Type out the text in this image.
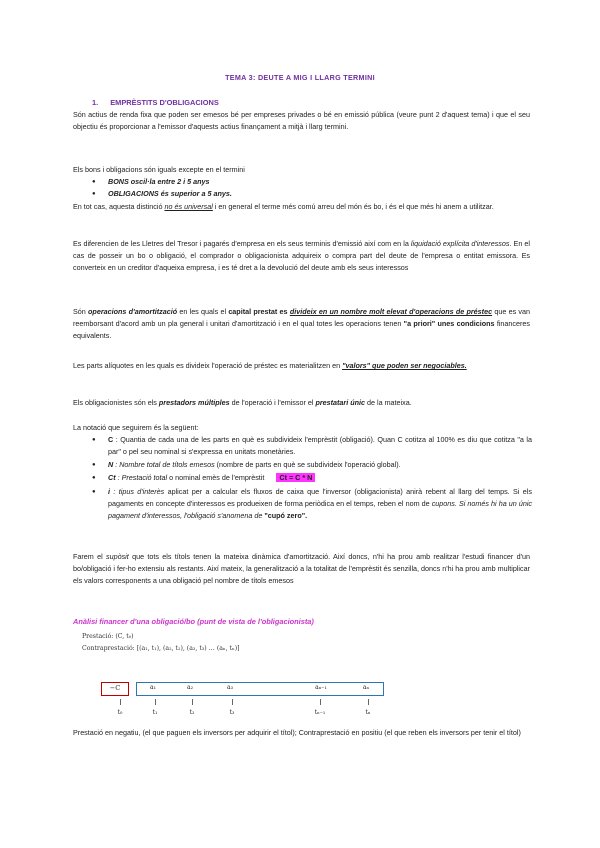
TEMA 3: DEUTE A MIG I LLARG TERMINI
1. EMPRÈSTITS D'OBLIGACIONS
Són actius de renda fixa que poden ser emesos bé per empreses privades o bé en emissió pública (veure punt 2 d'aquest tema) i que el seu objectiu és proporcionar a l'emissor d'aquests actius finançament a mitjà i llarg termini.
Els bons i obligacions són iguals excepte en el termini
●	BONS oscil·la entre 2 i 5 anys
●	OBLIGACIONS és superior a 5 anys.
En tot cas, aquesta distinció no és universal i en general el terme més comú arreu del món és bo, i és el que més hi anem a utilitzar.
Es diferencien de les Lletres del Tresor i pagarés d'empresa en els seus terminis d'emissió així com en la liquidació explícita d'interessos. En el cas de posseir un bo o obligació, el comprador o obligacionista adquireix o compra part del deute de l'empresa o entitat emissora. Es converteix en un creditor d'aqueixa empresa, i es té dret a la devolució del deute amb els seus interessos
Són operacions d'amortització en les quals el capital prestat es divideix en un nombre molt elevat d'operacions de préstec que es van reemborsant d'acord amb un pla general i unitari d'amortització i en el qual totes les operacions tenen "a priori" unes condicions financeres equivalents.
Les parts alíquotes en les quals es divideix l'operació de préstec es materialitzen en "valors" que poden ser negociables.
Els obligacionistes són els prestadors múltiples de l'operació i l'emissor el prestatari únic de la mateixa.
La notació que seguirem és la següent:
●	C : Quantia de cada una de les parts en què es subdivideix l'emprèstit (obligació). Quan C cotitza al 100% es diu que cotitza "a la par" o pel seu nominal si s'expressa en unitats monetàries.
●	N : Nombre total de títols emesos (nombre de parts en què se subdivideix l'operació global).
●	Ct : Prestació total o nominal emès de l'emprèstit Ct = C * N
●	i : tipus d'interès aplicat per a calcular els fluxos de caixa que l'inversor (obligacionista) anirà rebent al llarg del temps. Si els pagaments en concepte d'interessos es produeixen de forma periòdica en el temps, reben el nom de cupons. Si només hi ha un únic pagament d'interessos, l'obligació s'anomena de "cupó zero".
Farem el supòsit que tots els títols tenen la mateixa dinàmica d'amortització. Així doncs, n'hi ha prou amb realitzar l'estudi financer d'un bo/obligació i fer-ho extensiu als restants. Així mateix, la generalització a la totalitat de l'emprèstit és senzilla, doncs n'hi ha prou amb multiplicar els valors corresponents a una obligació pel nombre de títols emesos
Anàlisi financer d'una obligació/bo (punt de vista de l'obligacionista)
Prestació: (C, t₀)
Contraprestació: [(a₁, t₁), (a₂, t₂), (a₃, t₃) … (aₙ, tₙ)]
−C	a₁	a₂	a₃	aₙ₋₁	aₙ
t₀	t₁	t₂	t₃	tₙ₋₁	tₙ
Prestació en negatiu, (el que paguen els inversors per adquirir el títol); Contraprestació en positiu (el que reben els inversors per tenir el títol)
